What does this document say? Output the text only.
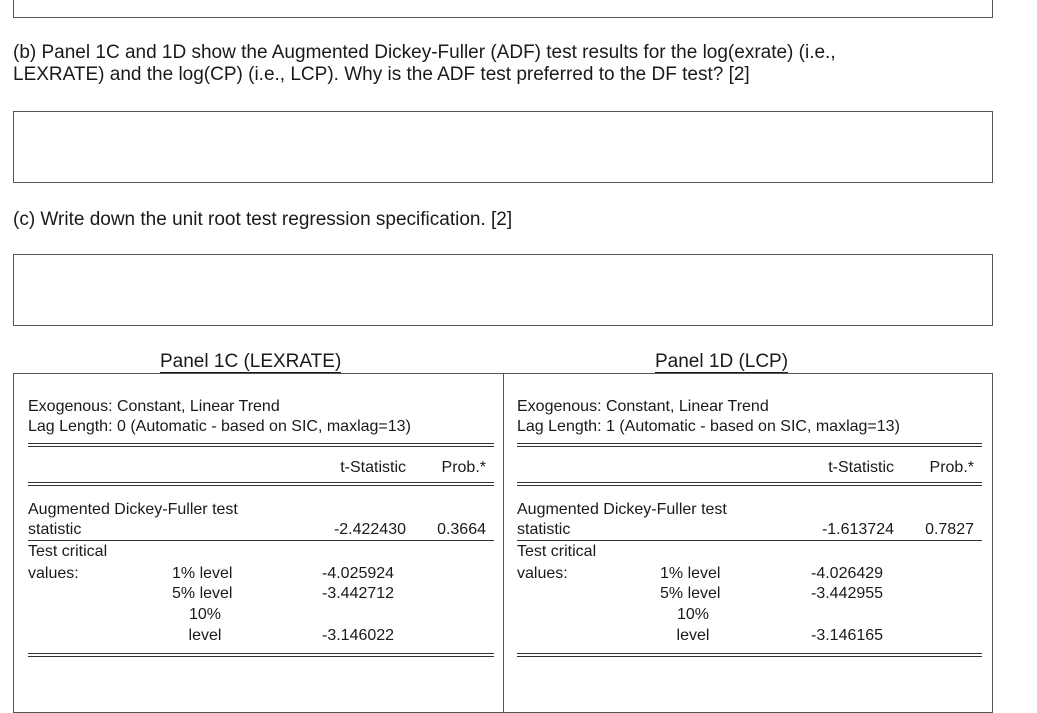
(b) Panel 1C and 1D show the Augmented Dickey-Fuller (ADF) test results for the log(exrate) (i.e.,
LEXRATE) and the log(CP) (i.e., LCP). Why is the ADF test preferred to the DF test? [2]
(c) Write down the unit root test regression specification. [2]
Panel 1C (LEXRATE)	Panel 1D (LCP)
Exogenous: Constant, Linear Trend
Lag Length: 0 (Automatic - based on SIC, maxlag=13)
t-Statistic Prob.*
Augmented Dickey-Fuller test
statistic	-2.422430 0.3664
Test critical
values:	1% level	-4.025924
5% level	-3.442712
10%
level	-3.146022
Exogenous: Constant, Linear Trend
Lag Length: 1 (Automatic - based on SIC, maxlag=13)
t-Statistic Prob.*
Augmented Dickey-Fuller test
statistic	-1.613724 0.7827
Test critical
values:	1% level	-4.026429
5% level	-3.442955
10%
level	-3.146165
